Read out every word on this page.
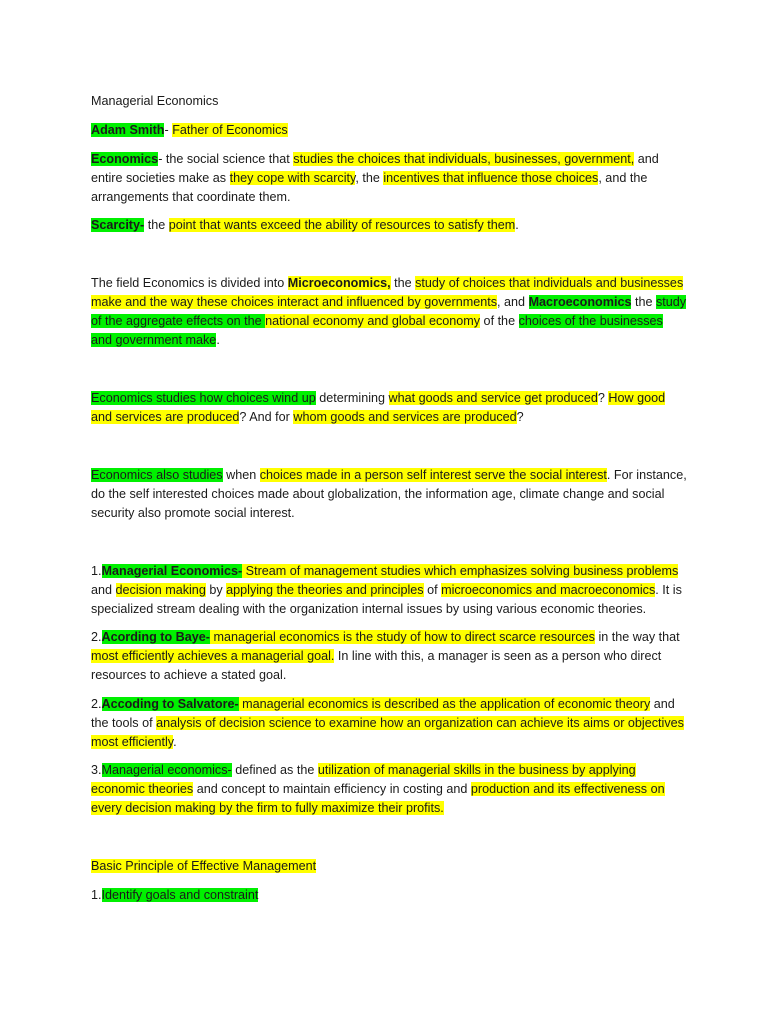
Managerial Economics

Adam Smith- Father of Economics

Economics- the social science that studies the choices that individuals, businesses, government, and entire societies make as they cope with scarcity, the incentives that influence those choices, and the arrangements that coordinate them.

Scarcity- the point that wants exceed the ability of resources to satisfy them.

The field Economics is divided into Microeconomics, the study of choices that individuals and businesses make and the way these choices interact and influenced by governments, and Macroeconomics the study of the aggregate effects on the national economy and global economy of the choices of the businesses and government make.

Economics studies how choices wind up determining what goods and service get produced? How good and services are produced? And for whom goods and services are produced?

Economics also studies when choices made in a person self interest serve the social interest. For instance, do the self interested choices made about globalization, the information age, climate change and social security also promote social interest.

1.Managerial Economics- Stream of management studies which emphasizes solving business problems and decision making by applying the theories and principles of microeconomics and macroeconomics. It is specialized stream dealing with the organization internal issues by using various economic theories.

2.Acording to Baye- managerial economics is the study of how to direct scarce resources in the way that most efficiently achieves a managerial goal. In line with this, a manager is seen as a person who direct resources to achieve a stated goal.

2.Accoding to Salvatore- managerial economics is described as the application of economic theory and the tools of analysis of decision science to examine how an organization can achieve its aims or objectives most efficiently.

3.Managerial economics- defined as the utilization of managerial skills in the business by applying economic theories and concept to maintain efficiency in costing and production and its effectiveness on every decision making by the firm to fully maximize their profits.

Basic Principle of Effective Management

1.Identify goals and constraint
